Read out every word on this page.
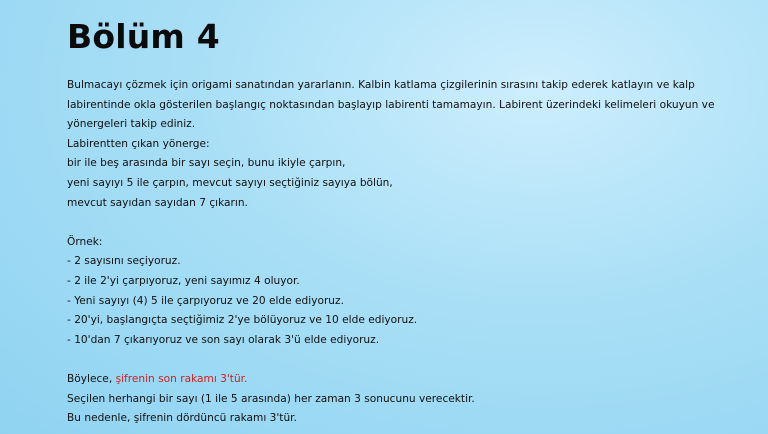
Bölüm 4
Bulmacayı çözmek için origami sanatından yararlanın. Kalbin katlama çizgilerinin sırasını takip ederek katlayın ve kalp labirentinde okla gösterilen başlangıç noktasından başlayıp labirenti tamamayın. Labirent üzerindeki kelimeleri okuyun ve yönergeleri takip ediniz.
Labirentten çıkan yönerge:
bir ile beş arasında bir sayı seçin, bunu ikiyle çarpın,
yeni sayıyı 5 ile çarpın, mevcut sayıyı seçtiğiniz sayıya bölün,
mevcut sayıdan sayıdan 7 çıkarın.
Örnek:
- 2 sayısını seçiyoruz.
- 2 ile 2'yi çarpıyoruz, yeni sayımız 4 oluyor.
- Yeni sayıyı (4) 5 ile çarpıyoruz ve 20 elde ediyoruz.
- 20'yi, başlangıçta seçtiğimiz 2'ye bölüyoruz ve 10 elde ediyoruz.
- 10'dan 7 çıkarıyoruz ve son sayı olarak 3'ü elde ediyoruz.
Böylece, şifrenin son rakamı 3'tür.
Seçilen herhangi bir sayı (1 ile 5 arasında) her zaman 3 sonucunu verecektir.
Bu nedenle, şifrenin dördüncü rakamı 3'tür.
